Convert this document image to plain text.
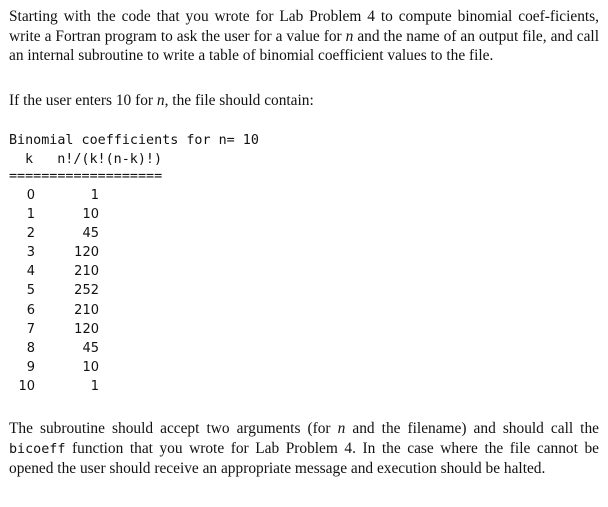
Starting with the code that you wrote for Lab Problem 4 to compute binomial coef-ficients, write a Fortran program to ask the user for a value for n and the name of an output file, and call an internal subroutine to write a table of binomial coefficient values to the file.
If the user enters 10 for n, the file should contain:
Binomial coefficients for n= 10
k   n!/(k!(n-k)!)
===================
0	1
1	10
2	45
3	120
4	210
5	252
6	210
7	120
8	45
9	10
10	1
The subroutine should accept two arguments (for n and the filename) and should call the bicoeff function that you wrote for Lab Problem 4. In the case where the file cannot be opened the user should receive an appropriate message and execution should be halted.
